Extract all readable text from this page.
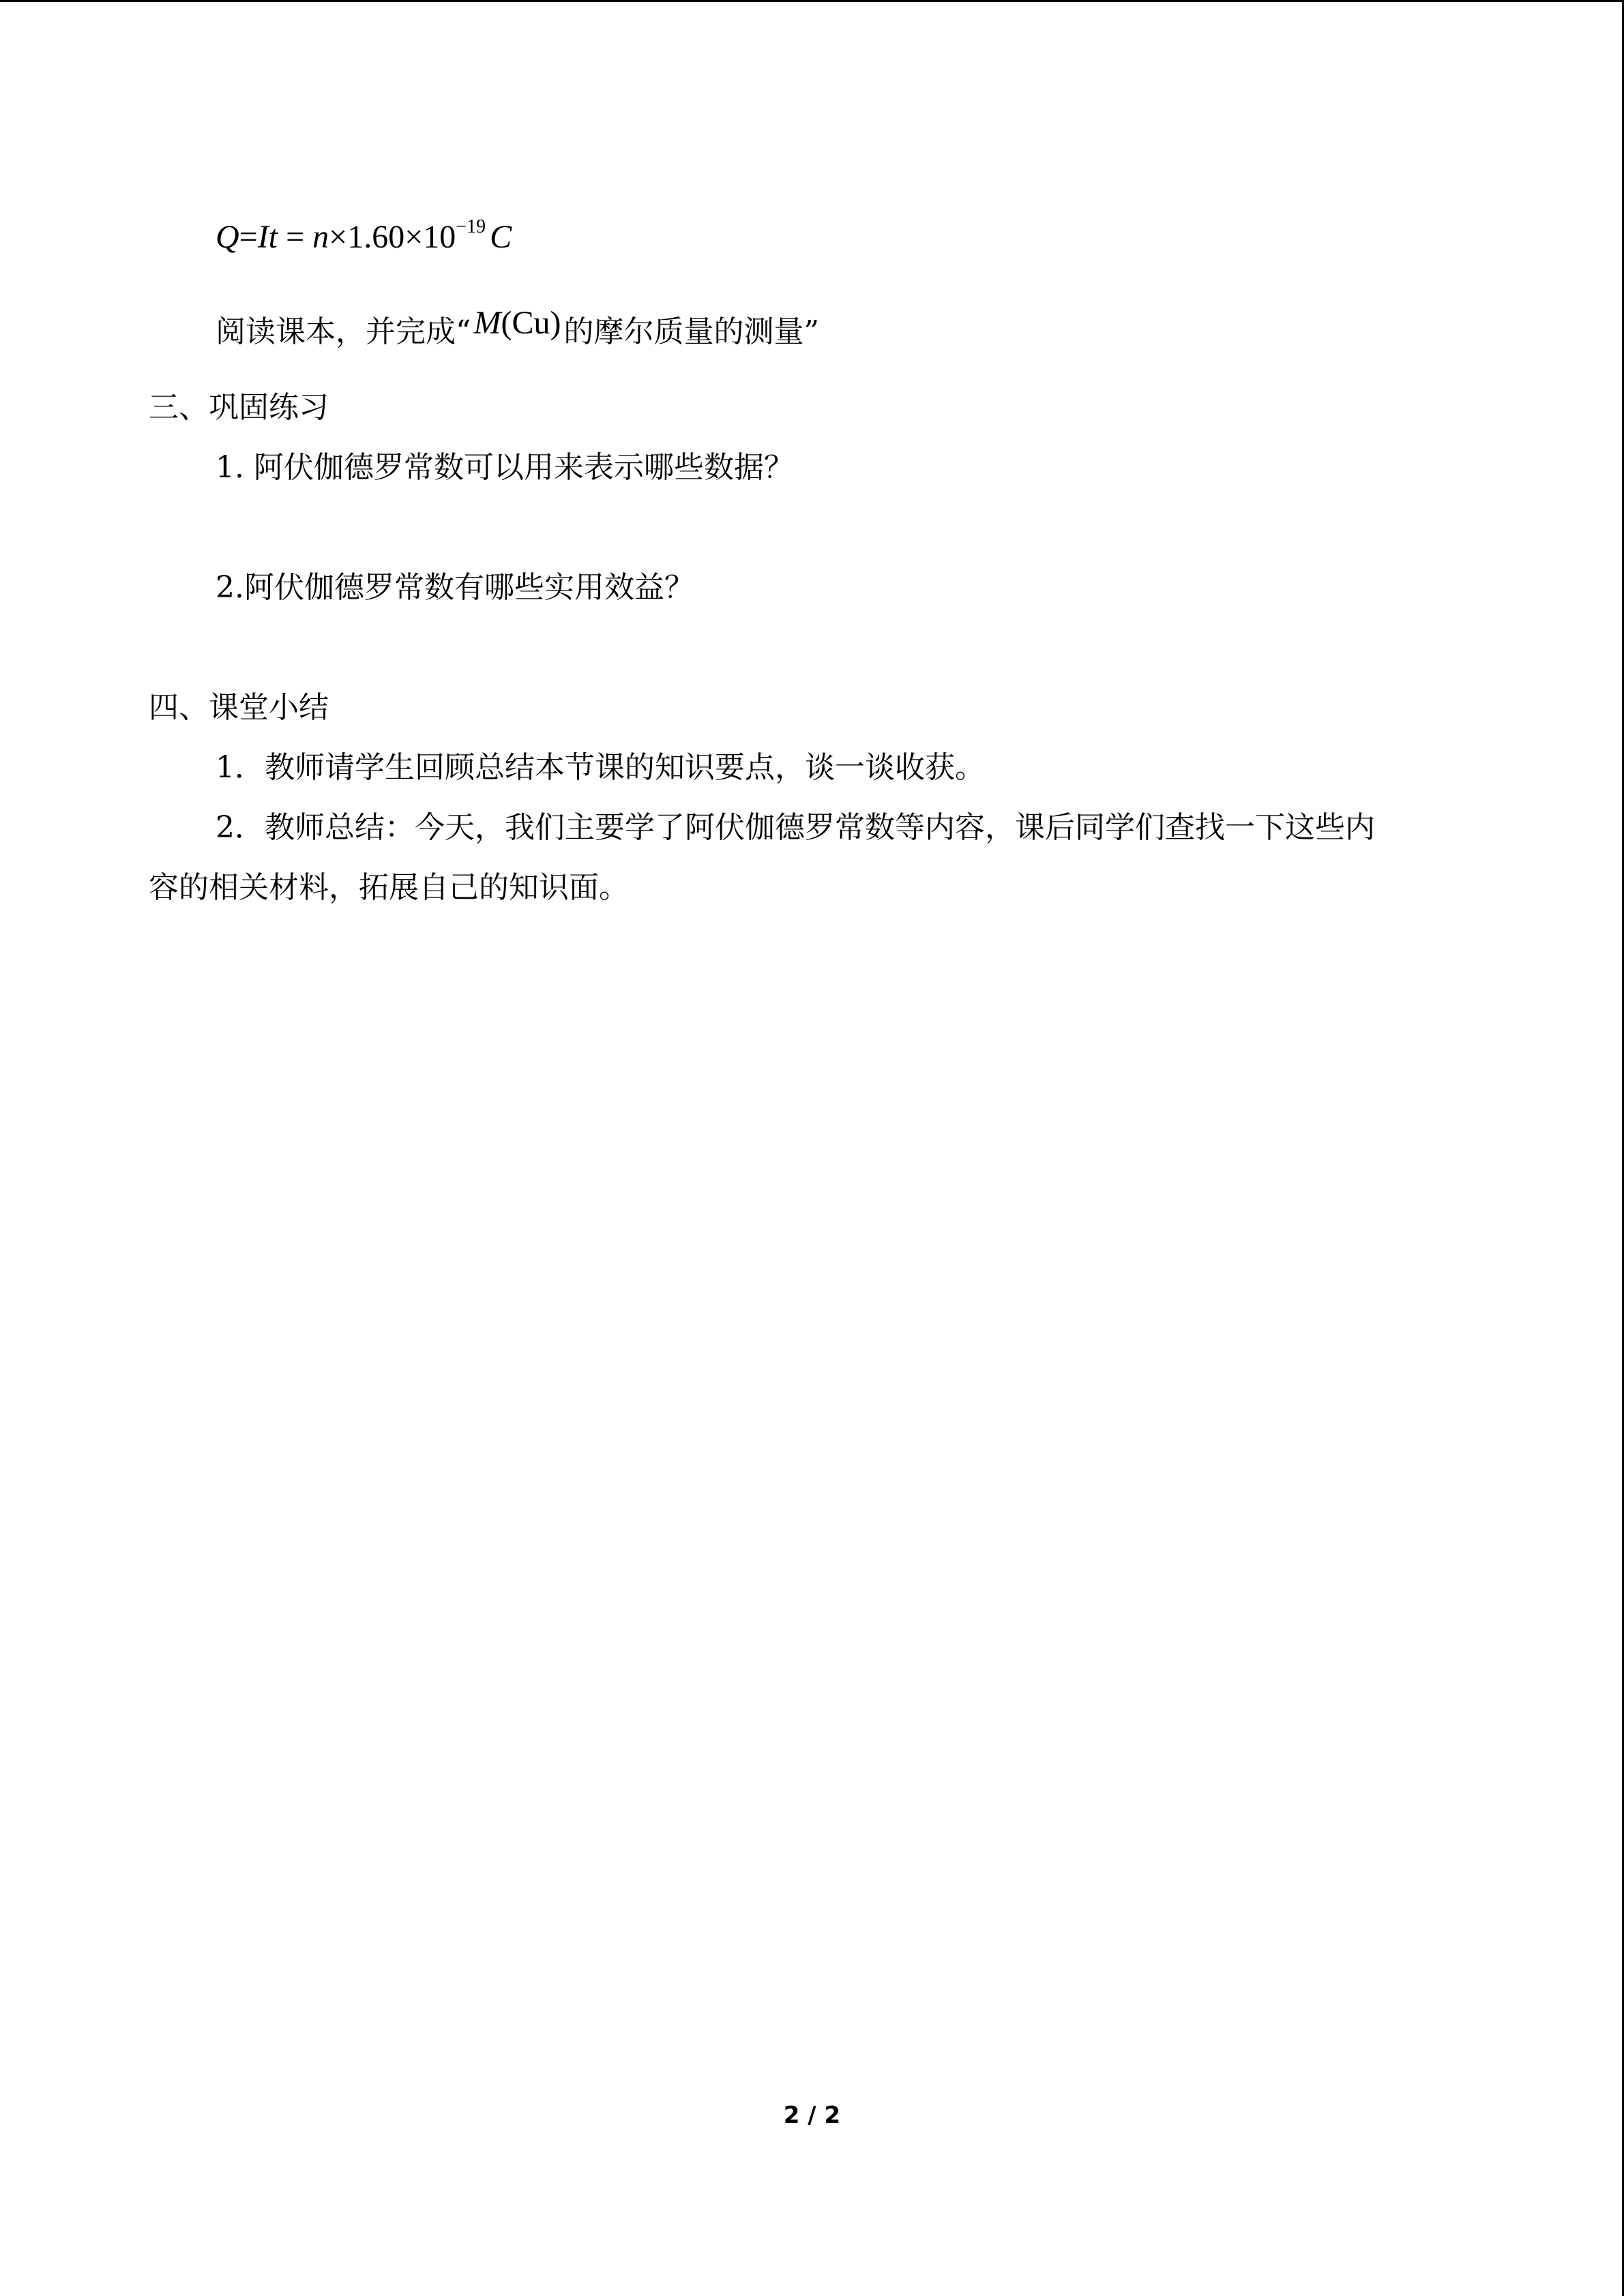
$Q=It = n\times 1.60\times 10^{-19}$ C
阅读课本，并完成“M(Cu)的摩尔质量的测量”
三、巩固练习
1. 阿伏伽德罗常数可以用来表示哪些数据？
2.阿伏伽德罗常数有哪些实用效益？
四、课堂小结
1．教师请学生回顾总结本节课的知识要点，谈一谈收获。
2．教师总结：今天，我们主要学了阿伏伽德罗常数等内容，课后同学们查找一下这些内
容的相关材料，拓展自己的知识面。
2 / 2
